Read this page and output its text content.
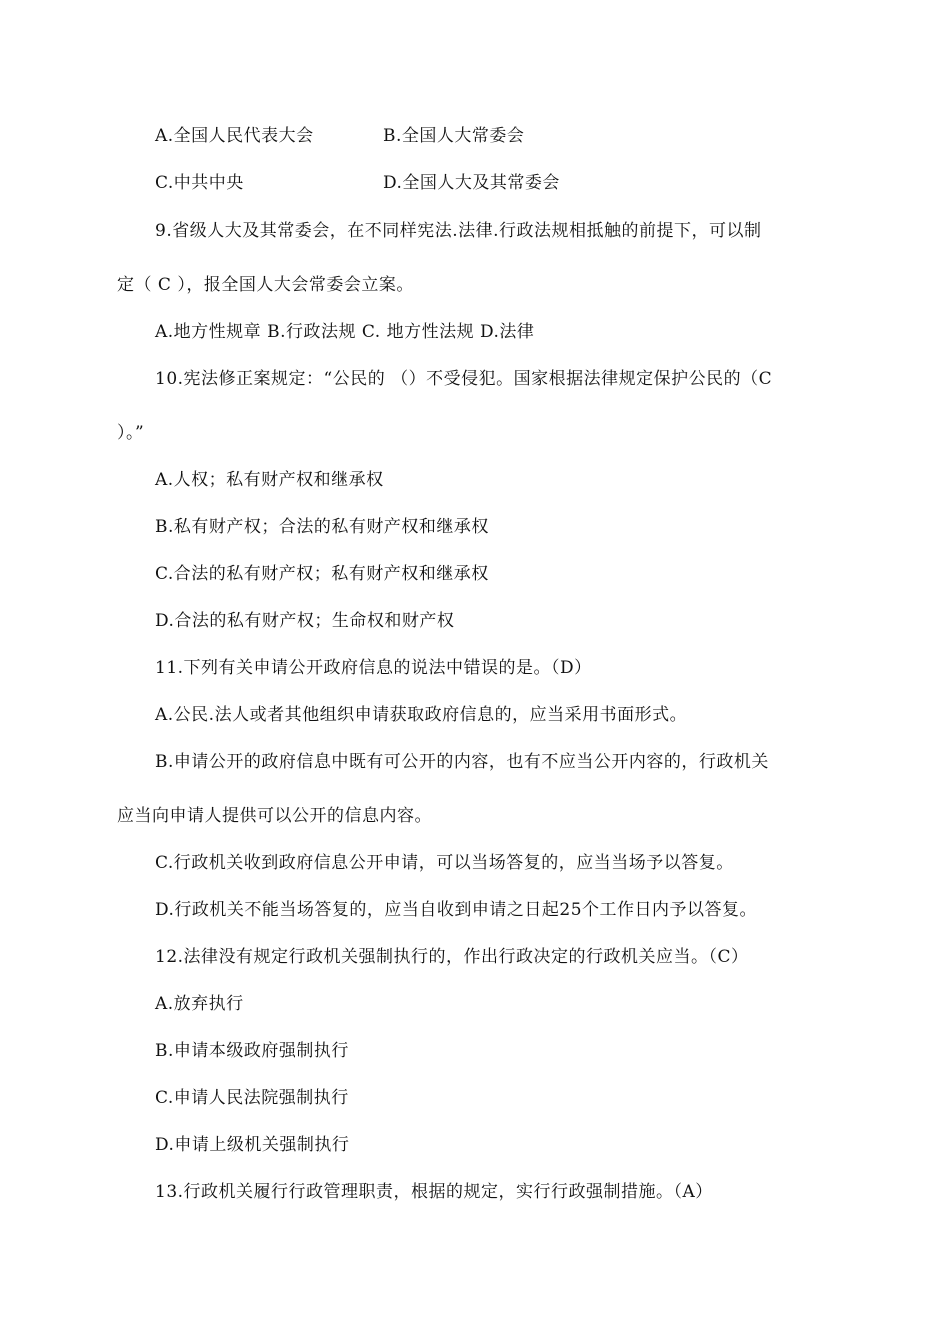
A.全国人民代表大会	B.全国人大常委会
C.中共中央	D.全国人大及其常委会
9.省级人大及其常委会，在不同样宪法.法律.行政法规相抵触的前提下，可以制
定（ C ），报全国人大会常委会立案。
A.地方性规章 B.行政法规 C. 地方性法规 D.法律
10.宪法修正案规定：“公民的 （）不受侵犯。国家根据法律规定保护公民的（C
）。”
A.人权；私有财产权和继承权
B.私有财产权；合法的私有财产权和继承权
C.合法的私有财产权；私有财产权和继承权
D.合法的私有财产权；生命权和财产权
11.下列有关申请公开政府信息的说法中错误的是。（D）
A.公民.法人或者其他组织申请获取政府信息的，应当采用书面形式。
B.申请公开的政府信息中既有可公开的内容，也有不应当公开内容的，行政机关
应当向申请人提供可以公开的信息内容。
C.行政机关收到政府信息公开申请，可以当场答复的，应当当场予以答复。
D.行政机关不能当场答复的，应当自收到申请之日起25个工作日内予以答复。
12.法律没有规定行政机关强制执行的，作出行政决定的行政机关应当。（C）
A.放弃执行
B.申请本级政府强制执行
C.申请人民法院强制执行
D.申请上级机关强制执行
13.行政机关履行行政管理职责，根据的规定，实行行政强制措施。（A）
